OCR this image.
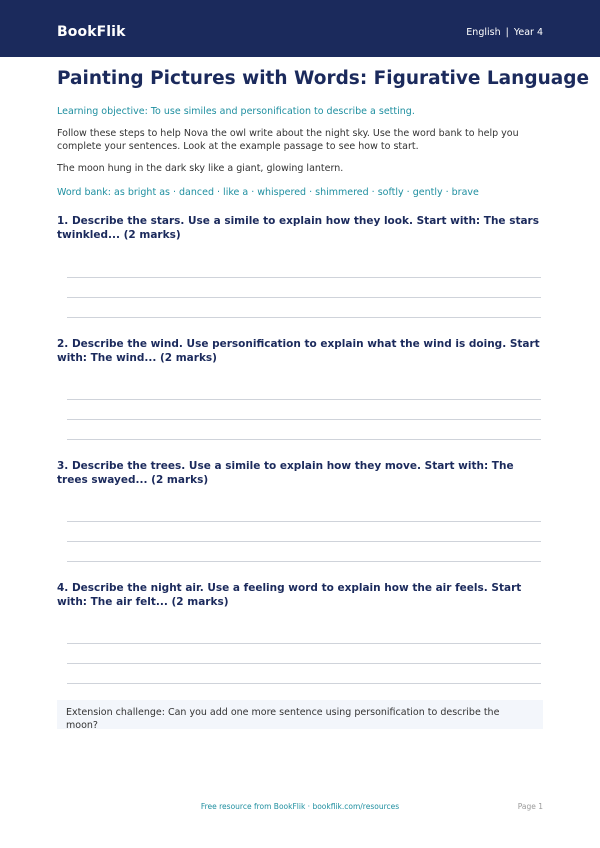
BookFlik	English | Year 4
Painting Pictures with Words: Figurative Language

Learning objective: To use similes and personification to describe a setting.

Follow these steps to help Nova the owl write about the night sky. Use the word bank to help you complete your sentences. Look at the example passage to see how to start.

The moon hung in the dark sky like a giant, glowing lantern.

Word bank: as bright as · danced · like a · whispered · shimmered · softly · gently · brave

1. Describe the stars. Use a simile to explain how they look. Start with: The stars twinkled... (2 marks)

2. Describe the wind. Use personification to explain what the wind is doing. Start with: The wind... (2 marks)

3. Describe the trees. Use a simile to explain how they move. Start with: The trees swayed... (2 marks)

4. Describe the night air. Use a feeling word to explain how the air feels. Start with: The air felt... (2 marks)

Extension challenge: Can you add one more sentence using personification to describe the moon?
Free resource from BookFlik · bookflik.com/resources	Page 1
